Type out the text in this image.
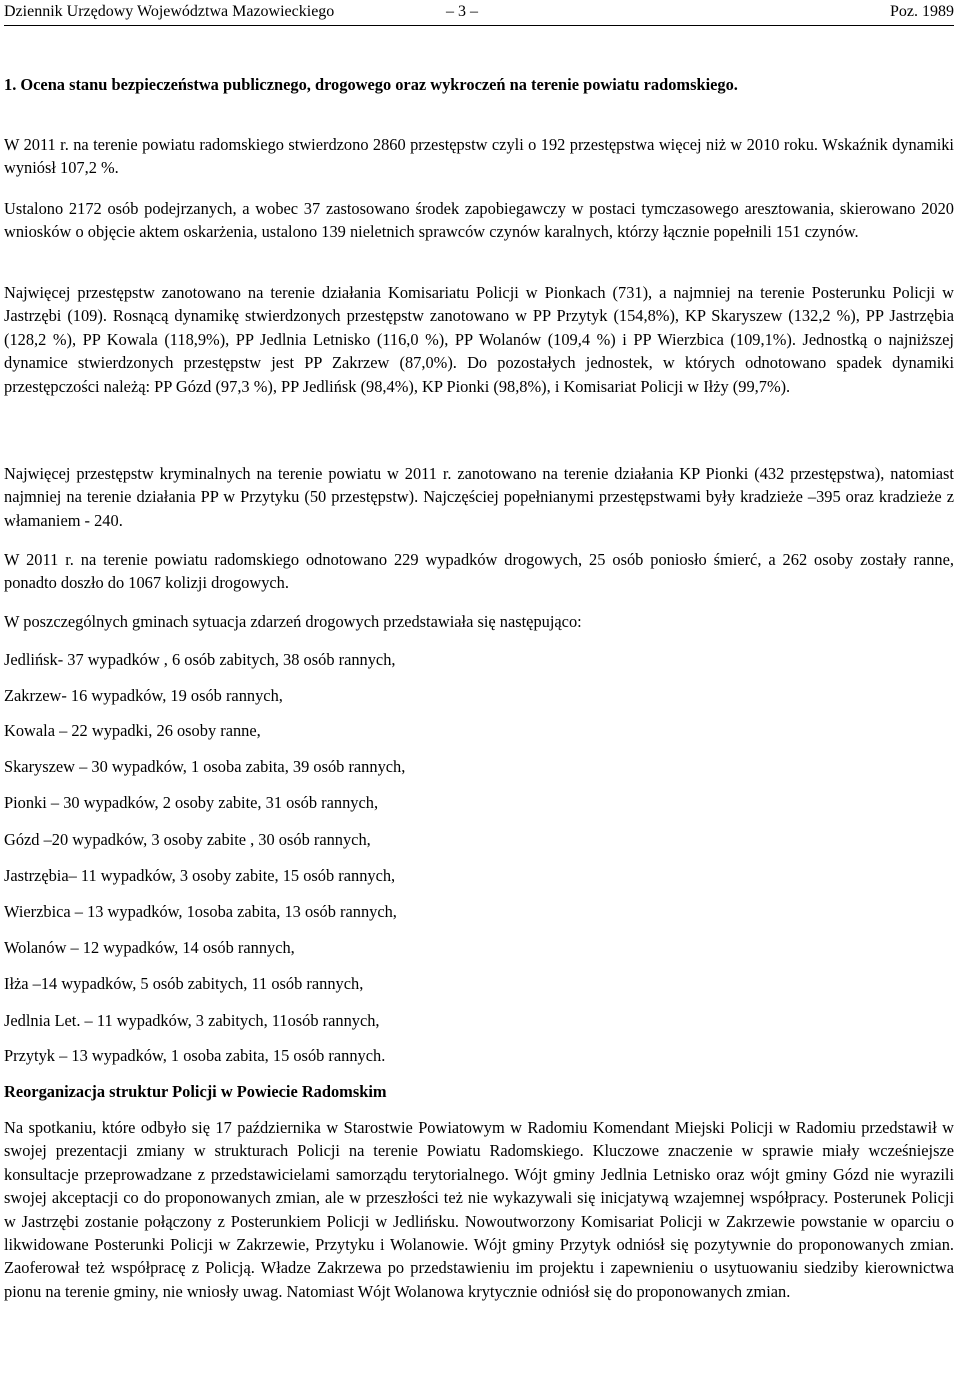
Dziennik Urzędowy Województwa Mazowieckiego	– 3 –	Poz. 1989
1. Ocena stanu bezpieczeństwa publicznego, drogowego oraz wykroczeń na terenie powiatu radomskiego.
W 2011 r. na terenie powiatu radomskiego stwierdzono 2860 przestępstw czyli o 192 przestępstwa więcej niż w 2010 roku. Wskaźnik dynamiki wyniósł 107,2 %.
Ustalono 2172 osób podejrzanych, a wobec 37 zastosowano środek zapobiegawczy w postaci tymczasowego aresztowania, skierowano 2020 wniosków o objęcie aktem oskarżenia, ustalono 139 nieletnich sprawców czynów karalnych, którzy łącznie popełnili 151 czynów.
Najwięcej przestępstw zanotowano na terenie działania Komisariatu Policji w Pionkach (731), a najmniej na terenie Posterunku Policji w Jastrzębi (109). Rosnącą dynamikę stwierdzonych przestępstw zanotowano w PP Przytyk (154,8%), KP Skaryszew (132,2 %), PP Jastrzębia (128,2 %), PP Kowala (118,9%), PP Jedlnia Letnisko (116,0 %), PP Wolanów (109,4 %) i PP Wierzbica (109,1%). Jednostką o najniższej dynamice stwierdzonych przestępstw jest PP Zakrzew (87,0%). Do pozostałych jednostek, w których odnotowano spadek dynamiki przestępczości należą: PP Gózd (97,3 %), PP Jedlińsk (98,4%), KP Pionki (98,8%), i Komisariat Policji w Iłży (99,7%).
Najwięcej przestępstw kryminalnych na terenie powiatu w 2011 r. zanotowano na terenie działania KP Pionki (432 przestępstwa), natomiast najmniej na terenie działania PP w Przytyku (50 przestępstw). Najczęściej popełnianymi przestępstwami były kradzieże –395 oraz kradzieże z włamaniem - 240.
W 2011 r. na terenie powiatu radomskiego odnotowano 229 wypadków drogowych, 25 osób poniosło śmierć, a 262 osoby zostały ranne, ponadto doszło do 1067 kolizji drogowych.
W poszczególnych gminach sytuacja zdarzeń drogowych przedstawiała się następująco:
Jedlińsk- 37 wypadków , 6 osób zabitych, 38 osób rannych,
Zakrzew- 16 wypadków, 19 osób rannych,
Kowala – 22 wypadki, 26 osoby ranne,
Skaryszew – 30 wypadków, 1 osoba zabita, 39 osób rannych,
Pionki – 30 wypadków, 2 osoby zabite, 31 osób rannych,
Gózd –20 wypadków, 3 osoby zabite , 30 osób rannych,
Jastrzębia– 11 wypadków, 3 osoby zabite, 15 osób rannych,
Wierzbica – 13 wypadków, 1osoba zabita, 13 osób rannych,
Wolanów – 12 wypadków, 14 osób rannych,
Iłża –14 wypadków, 5 osób zabitych, 11 osób rannych,
Jedlnia Let. – 11 wypadków, 3 zabitych, 11osób rannych,
Przytyk – 13 wypadków, 1 osoba zabita, 15 osób rannych.
Reorganizacja struktur Policji w Powiecie Radomskim
Na spotkaniu, które odbyło się 17 października w Starostwie Powiatowym w Radomiu Komendant Miejski Policji w Radomiu przedstawił w swojej prezentacji zmiany w strukturach Policji na terenie Powiatu Radomskiego. Kluczowe znaczenie w sprawie miały wcześniejsze konsultacje przeprowadzane z przedstawicielami samorządu terytorialnego. Wójt gminy Jedlnia Letnisko oraz wójt gminy Gózd nie wyrazili swojej akceptacji co do proponowanych zmian, ale w przeszłości też nie wykazywali się inicjatywą wzajemnej współpracy. Posterunek Policji w Jastrzębi zostanie połączony z Posterunkiem Policji w Jedlińsku. Nowoutworzony Komisariat Policji w Zakrzewie powstanie w oparciu o likwidowane Posterunki Policji w Zakrzewie, Przytyku i Wolanowie. Wójt gminy Przytyk odniósł się pozytywnie do proponowanych zmian. Zaoferował też współpracę z Policją. Władze Zakrzewa po przedstawieniu im projektu i zapewnieniu o usytuowaniu siedziby kierownictwa pionu na terenie gminy, nie wniosły uwag. Natomiast Wójt Wolanowa krytycznie odniósł się do proponowanych zmian.
